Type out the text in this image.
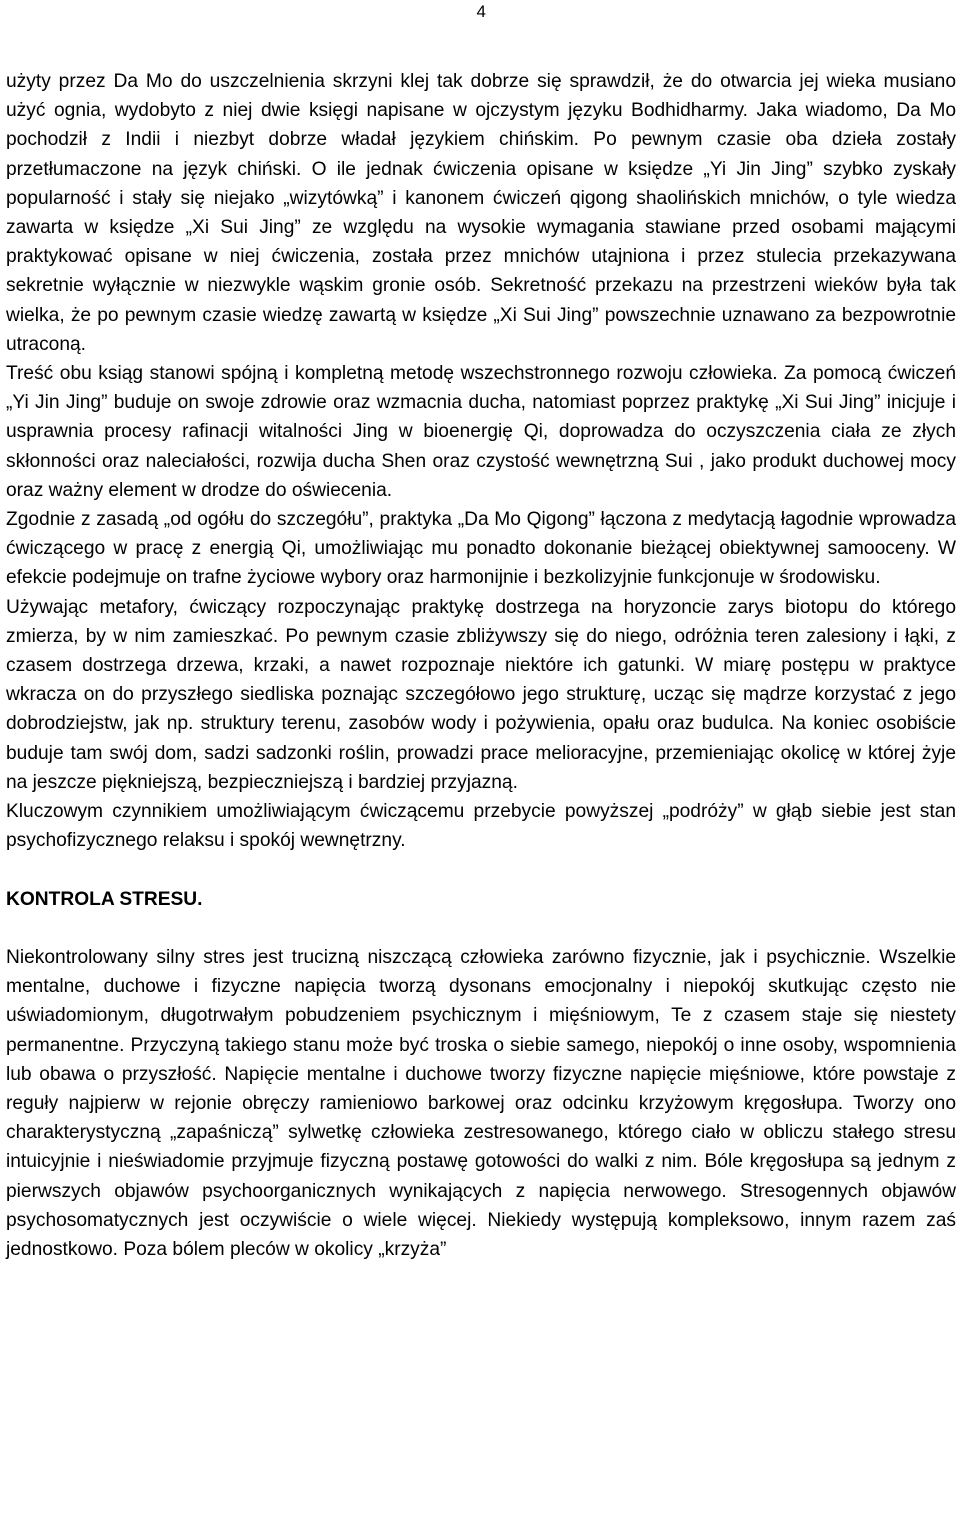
4

użyty przez Da Mo do uszczelnienia skrzyni klej tak dobrze się sprawdził, że do otwarcia jej wieka musiano użyć ognia, wydobyto z niej dwie księgi napisane w ojczystym języku Bodhidharmy. Jaka wiadomo, Da Mo pochodził z Indii i niezbyt dobrze władał językiem chińskim. Po pewnym czasie oba dzieła zostały przetłumaczone na język chiński. O ile jednak ćwiczenia opisane w księdze „Yi Jin Jing” szybko zyskały popularność i stały się niejako „wizytówką” i kanonem ćwiczeń qigong shaolińskich mnichów, o tyle wiedza zawarta w księdze „Xi Sui Jing” ze względu na wysokie wymagania stawiane przed osobami mającymi praktykować opisane w niej ćwiczenia, została przez mnichów utajniona i przez stulecia przekazywana sekretnie wyłącznie w niezwykle wąskim gronie osób. Sekretność przekazu na przestrzeni wieków była tak wielka, że po pewnym czasie wiedzę zawartą w księdze „Xi Sui Jing” powszechnie uznawano za bezpowrotnie utraconą.

Treść obu ksiąg stanowi spójną i kompletną metodę wszechstronnego rozwoju człowieka. Za pomocą ćwiczeń „Yi Jin Jing” buduje on swoje zdrowie oraz wzmacnia ducha, natomiast poprzez praktykę „Xi Sui Jing” inicjuje i usprawnia procesy rafinacji witalności Jing w bioenergię Qi, doprowadza do oczyszczenia ciała ze złych skłonności oraz naleciałości, rozwija ducha Shen oraz czystość wewnętrzną Sui , jako produkt duchowej mocy oraz ważny element w drodze do oświecenia.

Zgodnie z zasadą „od ogółu do szczegółu”, praktyka „Da Mo Qigong” łączona z medytacją łagodnie wprowadza ćwiczącego w pracę z energią Qi, umożliwiając mu ponadto dokonanie bieżącej obiektywnej samooceny. W efekcie podejmuje on trafne życiowe wybory oraz harmonijnie i bezkolizyjnie funkcjonuje w środowisku.

Używając metafory, ćwiczący rozpoczynając praktykę dostrzega na horyzoncie zarys biotopu do którego zmierza, by w nim zamieszkać. Po pewnym czasie zbliżywszy się do niego, odróżnia teren zalesiony i łąki, z czasem dostrzega drzewa, krzaki, a nawet rozpoznaje niektóre ich gatunki. W miarę postępu w praktyce wkracza on do przyszłego siedliska poznając szczegółowo jego strukturę, ucząc się mądrze korzystać z jego dobrodziejstw, jak np. struktury terenu, zasobów wody i pożywienia, opału oraz budulca. Na koniec osobiście buduje tam swój dom, sadzi sadzonki roślin, prowadzi prace melioracyjne, przemieniając okolicę w której żyje na jeszcze piękniejszą, bezpieczniejszą i bardziej przyjazną.

Kluczowym czynnikiem umożliwiającym ćwiczącemu przebycie powyższej „podróży” w głąb siebie jest stan psychofizycznego relaksu i spokój wewnętrzny.

KONTROLA STRESU.

Niekontrolowany silny stres jest trucizną niszczącą człowieka zarówno fizycznie, jak i psychicznie. Wszelkie mentalne, duchowe i fizyczne napięcia tworzą dysonans emocjonalny i niepokój skutkując często nie uświadomionym, długotrwałym pobudzeniem psychicznym i mięśniowym, Te z czasem staje się niestety permanentne. Przyczyną takiego stanu może być troska o siebie samego, niepokój o inne osoby, wspomnienia lub obawa o przyszłość. Napięcie mentalne i duchowe tworzy fizyczne napięcie mięśniowe, które powstaje z reguły najpierw w rejonie obręczy ramieniowo barkowej oraz odcinku krzyżowym kręgosłupa. Tworzy ono charakterystyczną „zapaśniczą” sylwetkę człowieka zestresowanego, którego ciało w obliczu stałego stresu intuicyjnie i nieświadomie przyjmuje fizyczną postawę gotowości do walki z nim. Bóle kręgosłupa są jednym z pierwszych objawów psychoorganicznych wynikających z napięcia nerwowego. Stresogennych objawów psychosomatycznych jest oczywiście o wiele więcej. Niekiedy występują kompleksowo, innym razem zaś jednostkowo. Poza bólem pleców w okolicy „krzyża”
